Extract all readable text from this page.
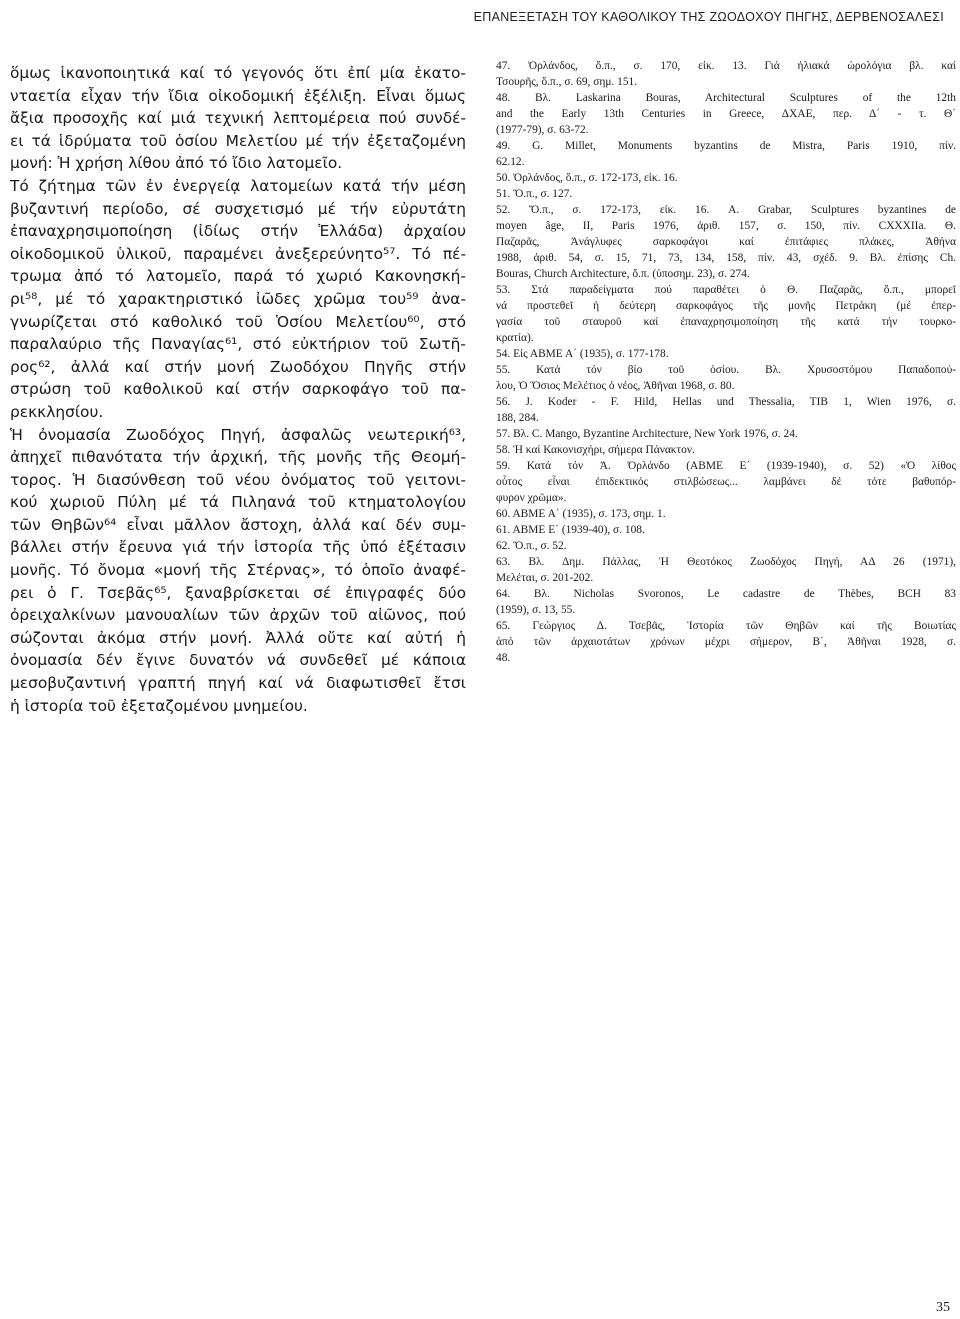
ΕΠΑΝΕΞΕΤΑΣΗ ΤΟΥ ΚΑΘΟΛΙΚΟΥ ΤΗΣ ΖΩΟΔΟΧΟΥ ΠΗΓΗΣ, ΔΕΡΒΕΝΟΣΑΛΕΣΙ
ὅμως ἱκανοποιητικά καί τό γεγονός ὅτι ἐπί μία ἑκατο-
νταετία εἶχαν τήν ἴδια οἰκοδομική ἐξέλιξη. Εἶναι ὅμως
ἄξια προσοχῆς καί μιά τεχνική λεπτομέρεια πού συνδέ-
ει τά ἱδρύματα τοῦ ὁσίου Μελετίου μέ τήν ἐξεταζομένη
μονή: Ἡ χρήση λίθου ἀπό τό ἴδιο λατομεῖο.
Τό ζήτημα τῶν ἐν ἐνεργείᾳ λατομείων κατά τήν μέση
βυζαντινή περίοδο, σέ συσχετισμό μέ τήν εὐρυτάτη
ἐπαναχρησιμοποίηση (ἰδίως στήν Ἑλλάδα) ἀρχαίου
οἰκοδομικοῦ ὑλικοῦ, παραμένει ἀνεξερεύνητο⁵⁷. Τό πέ-
τρωμα ἀπό τό λατομεῖο, παρά τό χωριό Κακονησκή-
ρι⁵⁸, μέ τό χαρακτηριστικό ἰῶδες χρῶμα του⁵⁹ ἀνα-
γνωρίζεται στό καθολικό τοῦ Ὁσίου Μελετίου⁶⁰, στό
παραλαύριο τῆς Παναγίας⁶¹, στό εὐκτήριον τοῦ Σωτῆ-
ρος⁶², ἀλλά καί στήν μονή Ζωοδόχου Πηγῆς στήν
στρώση τοῦ καθολικοῦ καί στήν σαρκοφάγο τοῦ πα-
ρεκκλησίου.
Ἡ ὀνομασία Ζωοδόχος Πηγή, ἀσφαλῶς νεωτερική⁶³,
ἀπηχεῖ πιθανότατα τήν ἀρχική, τῆς μονῆς τῆς Θεομή-
τορος. Ἡ διασύνθεση τοῦ νέου ὀνόματος τοῦ γειτονι-
κού χωριοῦ Πύλη μέ τά Πιληανά τοῦ κτηματολογίου
τῶν Θηβῶν⁶⁴ εἶναι μᾶλλον ἄστοχη, ἀλλά καί δέν συμ-
βάλλει στήν ἔρευνα γιά τήν ἱστορία τῆς ὑπό ἐξέτασιν
μονῆς. Τό ὄνομα «μονή τῆς Στέρνας», τό ὁποῖο ἀναφέ-
ρει ὁ Γ. Τσεβᾶς⁶⁵, ξαναβρίσκεται σέ ἐπιγραφές δύο
ὀρειχαλκίνων μανουαλίων τῶν ἀρχῶν τοῦ αἰῶνος, πού
σώζονται ἀκόμα στήν μονή. Ἀλλά οὔτε καί αὐτή ἡ
ὀνομασία δέν ἔγινε δυνατόν νά συνδεθεῖ μέ κάποια
μεσοβυζαντινή γραπτή πηγή καί νά διαφωτισθεῖ ἔτσι
ἡ ἱστορία τοῦ ἐξεταζομένου μνημείου.
47. Ὀρλάνδος, ὅ.π., σ. 170, εἰκ. 13. Γιά ἡλιακά ὡρολόγια βλ. καί
Τσουρῆς, ὅ.π., σ. 69, σημ. 151.
48. Βλ. Laskarina Bouras, Architectural Sculptures of the 12th
and the Early 13th Centuries in Greece, ΔΧΑΕ, περ. Δ΄ - τ. Θ΄
(1977-79), σ. 63-72.
49. G. Millet, Monuments byzantins de Mistra, Paris 1910, πίν.
62.12.
50. Ὀρλάνδος, ὅ.π., σ. 172-173, εἰκ. 16.
51. Ὅ.π., σ. 127.
52. Ὅ.π., σ. 172-173, εἰκ. 16. A. Grabar, Sculptures byzantines de
moyen âge, II, Paris 1976, ἀριθ. 157, σ. 150, πίν. CXXXIIa. Θ.
Παζαρᾶς, Ἀνάγλυφες σαρκοφάγοι καί ἐπιτάφιες πλάκες, Ἀθήνα
1988, ἀριθ. 54, σ. 15, 71, 73, 134, 158, πίν. 43, σχέδ. 9. Βλ. ἐπίσης Ch.
Bouras, Church Architecture, ὅ.π. (ὑποσημ. 23), σ. 274.
53. Στά παραδείγματα πού παραθέτει ὁ Θ. Παζαρᾶς, ὅ.π., μπορεῖ
νά προστεθεῖ ἡ δεύτερη σαρκοφάγος τῆς μονῆς Πετράκη (μέ ἐπερ-
γασία τοῦ σταυροῦ καί ἐπαναχρησιμοποίηση τῆς κατά τήν τουρκο-
κρατία).
54. Εἰς ΑΒΜΕ Α΄ (1935), σ. 177-178.
55. Κατά τόν βίο τοῦ ὁσίου. Βλ. Χρυσοστόμου Παπαδοπού-
λου, Ὁ Ὅσιος Μελέτιος ὁ νέος, Ἀθῆναι 1968, σ. 80.
56. J. Koder - F. Hild, Hellas und Thessalia, TIB 1, Wien 1976, σ.
188, 284.
57. Βλ. C. Mango, Byzantine Architecture, New York 1976, σ. 24.
58. Ἡ καί Κακονισχήρι, σήμερα Πάνακτον.
59. Κατά τόν Ἀ. Ὀρλάνδο (ΑΒΜΕ Ε΄ (1939-1940), σ. 52) «Ὁ λίθος
οὗτος εἶναι ἐπιδεκτικός στιλβώσεως... λαμβάνει δέ τότε βαθυπόρ-
φυρον χρῶμα».
60. ΑΒΜΕ Α΄ (1935), σ. 173, σημ. 1.
61. ΑΒΜΕ Ε΄ (1939-40), σ. 108.
62. Ὅ.π., σ. 52.
63. Βλ. Δημ. Πάλλας, Ἡ Θεοτόκος Ζωοδόχος Πηγή, ΑΔ 26 (1971),
Μελέται, σ. 201-202.
64. Βλ. Nicholas Svoronos, Le cadastre de Thèbes, BCH 83
(1959), σ. 13, 55.
65. Γεώργιος Δ. Τσεβᾶς, Ἱστορία τῶν Θηβῶν καί τῆς Βοιωτίας
ἀπό τῶν ἀρχαιοτάτων χρόνων μέχρι σήμερον, Β΄, Ἀθῆναι 1928, σ.
48.
35
